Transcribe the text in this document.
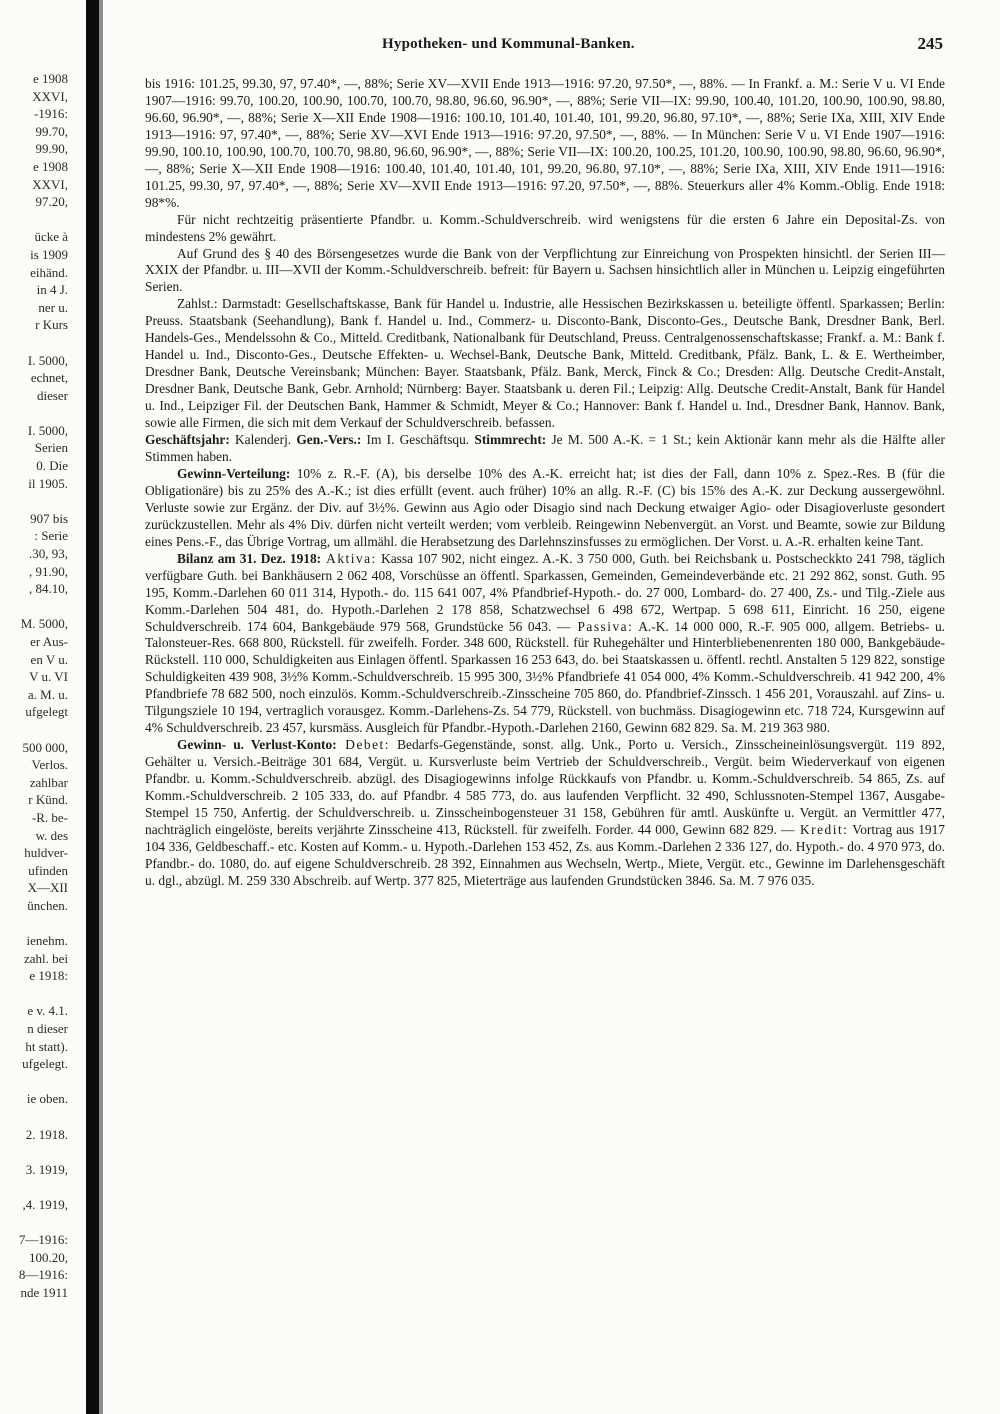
e 1908
XXVI,
-1916:
99.70,
99.90,
e 1908
XXVI,
97.20,
ücke à
is 1909
eihänd.
in 4 J.
ner u.
r Kurs
I. 5000,
echnet,
dieser
I. 5000,
Serien
0. Die
il 1905.
907 bis
: Serie
.30, 93,
, 91.90,
, 84.10,
M. 5000,
er Aus-
en V u.
V u. VI
a. M. u.
ufgelegt
500 000,
Verlos.
zahlbar
r Künd.
-R. be-
w. des
huldver-
ufinden
X—XII
ünchen.
ienehm.
zahl. bei
e 1918:
e v. 4.1.
n dieser
ht statt).
ufgelegt.
ie oben.
2. 1918.
3. 1919,
,4. 1919,
7—1916:
100.20,
8—1916:
nde 1911
Hypotheken- und Kommunal-Banken.	245

bis 1916: 101.25, 99.30, 97, 97.40*, —, 88%; Serie XV—XVII Ende 1913—1916: 97.20, 97.50*, —, 88%. — In Frankf. a. M.: Serie V u. VI Ende 1907—1916: 99.70, 100.20, 100.90, 100.70, 100.70, 98.80, 96.60, 96.90*, —, 88%; Serie VII—IX: 99.90, 100.40, 101.20, 100.90, 100.90, 98.80, 96.60, 96.90*, —, 88%; Serie X—XII Ende 1908—1916: 100.10, 101.40, 101.40, 101, 99.20, 96.80, 97.10*, —, 88%; Serie IXa, XIII, XIV Ende 1913—1916: 97, 97.40*, —, 88%; Serie XV—XVI Ende 1913—1916: 97.20, 97.50*, —, 88%. — In München: Serie V u. VI Ende 1907—1916: 99.90, 100.10, 100.90, 100.70, 100.70, 98.80, 96.60, 96.90*, —, 88%; Serie VII—IX: 100.20, 100.25, 101.20, 100.90, 100.90, 98.80, 96.60, 96.90*, —, 88%; Serie X—XII Ende 1908—1916: 100.40, 101.40, 101.40, 101, 99.20, 96.80, 97.10*, —, 88%; Serie IXa, XIII, XIV Ende 1911—1916: 101.25, 99.30, 97, 97.40*, —, 88%; Serie XV—XVII Ende 1913—1916: 97.20, 97.50*, —, 88%. Steuerkurs aller 4% Komm.-Oblig. Ende 1918: 98*%.

Für nicht rechtzeitig präsentierte Pfandbr. u. Komm.-Schuldverschreib. wird wenigstens für die ersten 6 Jahre ein Deposital-Zs. von mindestens 2% gewährt.

Auf Grund des § 40 des Börsengesetzes wurde die Bank von der Verpflichtung zur Einreichung von Prospekten hinsichtl. der Serien III—XXIX der Pfandbr. u. III—XVII der Komm.-Schuldverschreib. befreit: für Bayern u. Sachsen hinsichtlich aller in München u. Leipzig eingeführten Serien.

Zahlst.: Darmstadt: Gesellschaftskasse, Bank für Handel u. Industrie, alle Hessischen Bezirkskassen u. beteiligte öffentl. Sparkassen; Berlin: Preuss. Staatsbank (Seehandlung), Bank f. Handel u. Ind., Commerz- u. Disconto-Bank, Disconto-Ges., Deutsche Bank, Dresdner Bank, Berl. Handels-Ges., Mendelssohn & Co., Mitteld. Creditbank, Nationalbank für Deutschland, Preuss. Centralgenossenschaftskasse; Frankf. a. M.: Bank f. Handel u. Ind., Disconto-Ges., Deutsche Effekten- u. Wechsel-Bank, Deutsche Bank, Mitteld. Creditbank, Pfälz. Bank, L. & E. Wertheimber, Dresdner Bank, Deutsche Vereinsbank; München: Bayer. Staatsbank, Pfälz. Bank, Merck, Finck & Co.; Dresden: Allg. Deutsche Credit-Anstalt, Dresdner Bank, Deutsche Bank, Gebr. Arnhold; Nürnberg: Bayer. Staatsbank u. deren Fil.; Leipzig: Allg. Deutsche Credit-Anstalt, Bank für Handel u. Ind., Leipziger Fil. der Deutschen Bank, Hammer & Schmidt, Meyer & Co.; Hannover: Bank f. Handel u. Ind., Dresdner Bank, Hannov. Bank, sowie alle Firmen, die sich mit dem Verkauf der Schuldverschreib. befassen.

Geschäftsjahr: Kalenderj. Gen.-Vers.: Im I. Geschäftsqu. Stimmrecht: Je M. 500 A.-K. = 1 St.; kein Aktionär kann mehr als die Hälfte aller Stimmen haben.

Gewinn-Verteilung: 10% z. R.-F. (A), bis derselbe 10% des A.-K. erreicht hat; ist dies der Fall, dann 10% z. Spez.-Res. B (für die Obligationäre) bis zu 25% des A.-K.; ist dies erfüllt (event. auch früher) 10% an allg. R.-F. (C) bis 15% des A.-K. zur Deckung aussergewöhnl. Verluste sowie zur Ergänz. der Div. auf 3½%. Gewinn aus Agio oder Disagio sind nach Deckung etwaiger Agio- oder Disagioverluste gesondert zurückzustellen. Mehr als 4% Div. dürfen nicht verteilt werden; vom verbleib. Reingewinn Nebenvergüt. an Vorst. und Beamte, sowie zur Bildung eines Pens.-F., das Übrige Vortrag, um allmähl. die Herabsetzung des Darlehnszinsfusses zu ermöglichen. Der Vorst. u. A.-R. erhalten keine Tant.

Bilanz am 31. Dez. 1918: Aktiva: Kassa 107 902, nicht eingez. A.-K. 3 750 000, Guth. bei Reichsbank u. Postscheckkto 241 798, täglich verfügbare Guth. bei Bankhäusern 2 062 408, Vorschüsse an öffentl. Sparkassen, Gemeinden, Gemeindeverbände etc. 21 292 862, sonst. Guth. 95 195, Komm.-Darlehen 60 011 314, Hypoth.- do. 115 641 007, 4% Pfandbrief-Hypoth.- do. 27 000, Lombard- do. 27 400, Zs.- und Tilg.-Ziele aus Komm.-Darlehen 504 481, do. Hypoth.-Darlehen 2 178 858, Schatzwechsel 6 498 672, Wertpap. 5 698 611, Einricht. 16 250, eigene Schuldverschreib. 174 604, Bankgebäude 979 568, Grundstücke 56 043. — Passiva: A.-K. 14 000 000, R.-F. 905 000, allgem. Betriebs- u. Talonsteuer-Res. 668 800, Rückstell. für zweifelh. Forder. 348 600, Rückstell. für Ruhegehälter und Hinterbliebenenrenten 180 000, Bankgebäude-Rückstell. 110 000, Schuldigkeiten aus Einlagen öffentl. Sparkassen 16 253 643, do. bei Staatskassen u. öffentl. rechtl. Anstalten 5 129 822, sonstige Schuldigkeiten 439 908, 3½% Komm.-Schuldverschreib. 15 995 300, 3½% Pfandbriefe 41 054 000, 4% Komm.-Schuldverschreib. 41 942 200, 4% Pfandbriefe 78 682 500, noch einzulös. Komm.-Schuldverschreib.-Zinsscheine 705 860, do. Pfandbrief-Zinssch. 1 456 201, Vorauszahl. auf Zins- u. Tilgungsziele 10 194, vertraglich vorausgez. Komm.-Darlehens-Zs. 54 779, Rückstell. von buchmäss. Disagiogewinn etc. 718 724, Kursgewinn auf 4% Schuldverschreib. 23 457, kursmäss. Ausgleich für Pfandbr.-Hypoth.-Darlehen 2160, Gewinn 682 829. Sa. M. 219 363 980.

Gewinn- u. Verlust-Konto: Debet: Bedarfs-Gegenstände, sonst. allg. Unk., Porto u. Versich., Zinsscheineinlösungsvergüt. 119 892, Gehälter u. Versich.-Beiträge 301 684, Vergüt. u. Kursverluste beim Vertrieb der Schuldverschreib., Vergüt. beim Wiederverkauf von eigenen Pfandbr. u. Komm.-Schuldverschreib. abzügl. des Disagiogewinns infolge Rückkaufs von Pfandbr. u. Komm.-Schuldverschreib. 54 865, Zs. auf Komm.-Schuldverschreib. 2 105 333, do. auf Pfandbr. 4 585 773, do. aus laufenden Verpflicht. 32 490, Schlussnoten-Stempel 1367, Ausgabe-Stempel 15 750, Anfertig. der Schuldverschreib. u. Zinsscheinbogensteuer 31 158, Gebühren für amtl. Auskünfte u. Vergüt. an Vermittler 477, nachträglich eingelöste, bereits verjährte Zinsscheine 413, Rückstell. für zweifelh. Forder. 44 000, Gewinn 682 829. — Kredit: Vortrag aus 1917 104 336, Geldbeschaff.- etc. Kosten auf Komm.- u. Hypoth.-Darlehen 153 452, Zs. aus Komm.-Darlehen 2 336 127, do. Hypoth.- do. 4 970 973, do. Pfandbr.- do. 1080, do. auf eigene Schuldverschreib. 28 392, Einnahmen aus Wechseln, Wertp., Miete, Vergüt. etc., Gewinne im Darlehensgeschäft u. dgl., abzügl. M. 259 330 Abschreib. auf Wertp. 377 825, Mieterträge aus laufenden Grundstücken 3846. Sa. M. 7 976 035.
